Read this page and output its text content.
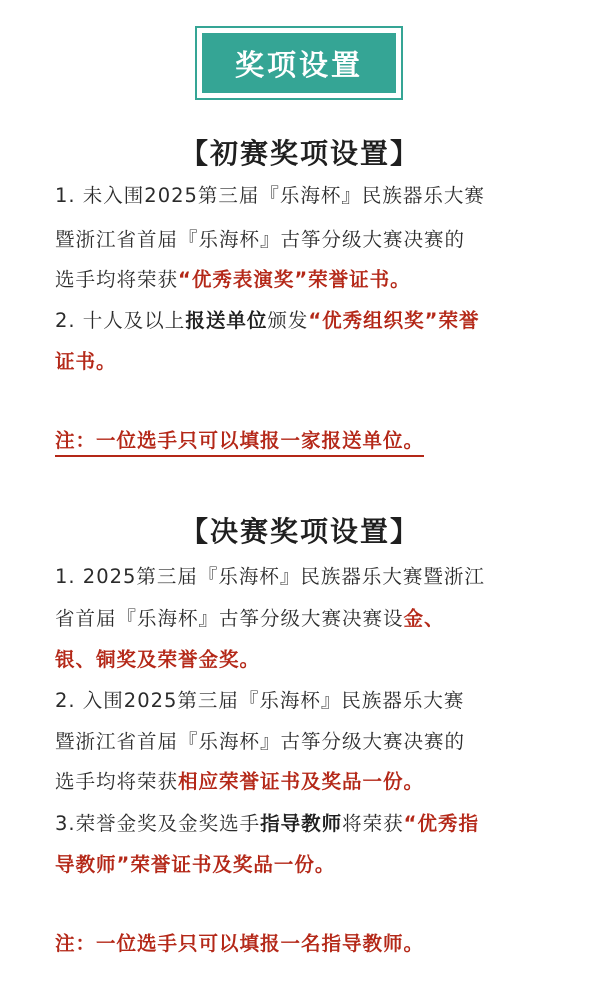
奖项设置
【初赛奖项设置】
1. 未入围2025第三届『乐海杯』民族器乐大赛
暨浙江省首届『乐海杯』古筝分级大赛决赛的
选手均将荣获“优秀表演奖”荣誉证书。
2. 十人及以上报送单位颁发“优秀组织奖”荣誉
证书。
注：一位选手只可以填报一家报送单位。
【决赛奖项设置】
1. 2025第三届『乐海杯』民族器乐大赛暨浙江
省首届『乐海杯』古筝分级大赛决赛设金、
银、铜奖及荣誉金奖。
2. 入围2025第三届『乐海杯』民族器乐大赛
暨浙江省首届『乐海杯』古筝分级大赛决赛的
选手均将荣获相应荣誉证书及奖品一份。
3.荣誉金奖及金奖选手指导教师将荣获“优秀指
导教师”荣誉证书及奖品一份。
注：一位选手只可以填报一名指导教师。
